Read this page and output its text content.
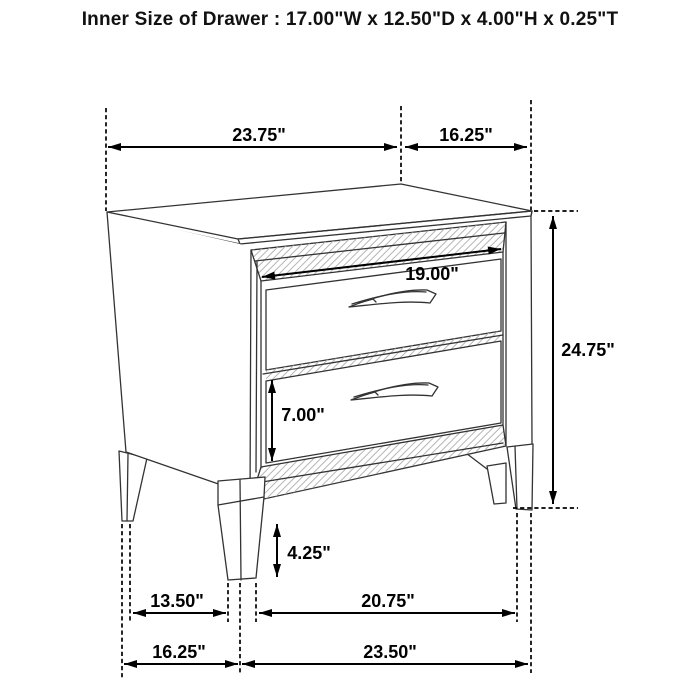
Inner Size of Drawer : 17.00"W x 12.50"D x 4.00"H x 0.25"T
23.75"	16.25"
24.75"
19.00"
7.00"
4.25"
13.50"	20.75"
16.25"	23.50"
